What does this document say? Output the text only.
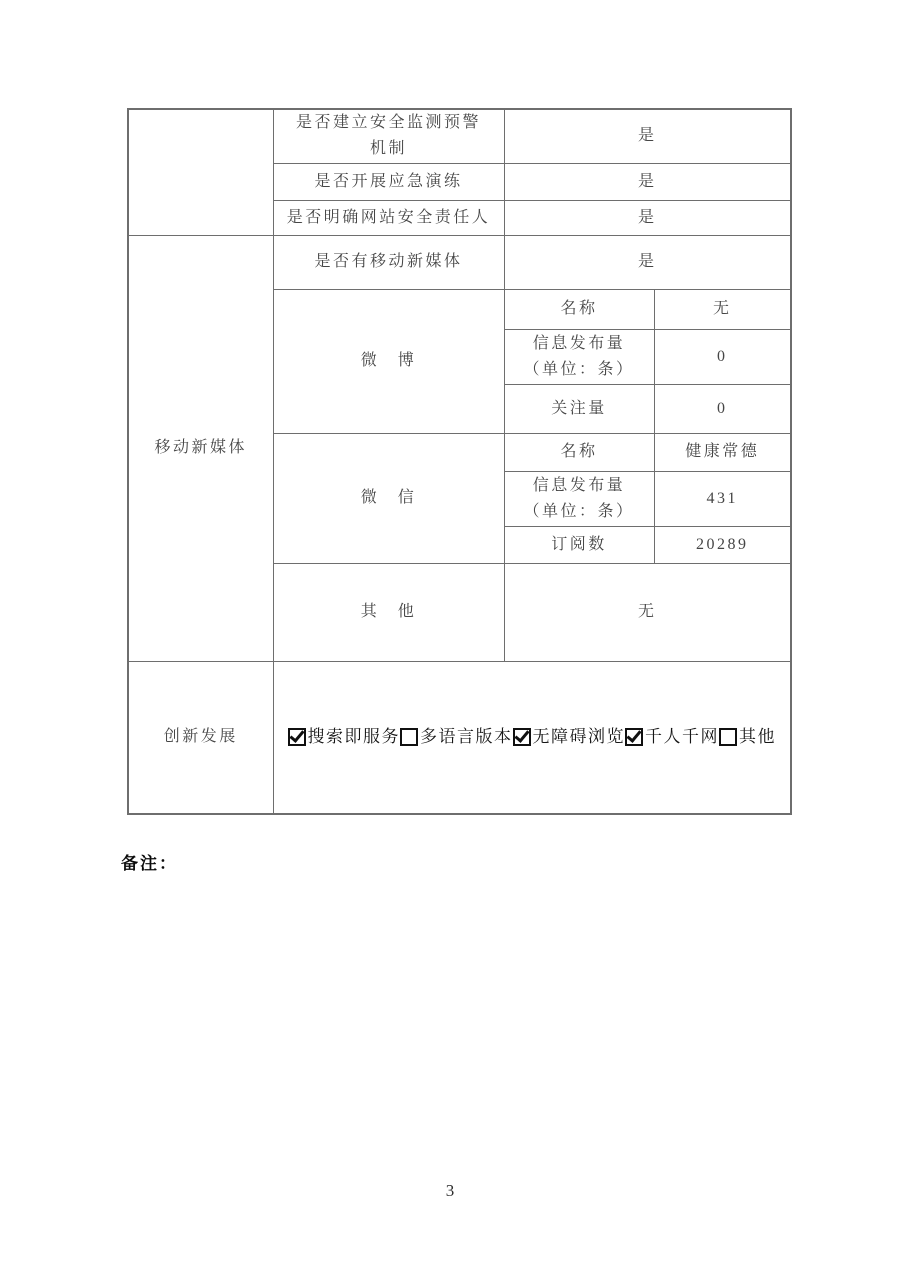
	是否建立安全监测预警
机制	是	
	是否开展应急演练	是	
	是否明确网站安全责任人	是	
移动新媒体	是否有移动新媒体	是	
	微　博	名称	无

		信息发布量
（单位：条）	0
		关注量	0
	微　信	名称	健康常德

		信息发布量
（单位：条）	431
		订阅数	20289
	其　他	无	
创新发展	搜索即服务 多语言版本 无障碍浏览 千人千网 其他		
备注：
3
